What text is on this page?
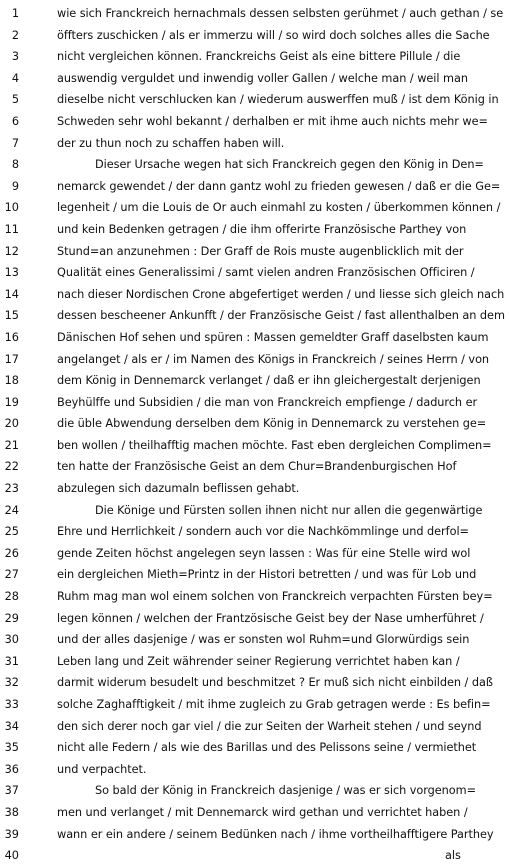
1	wie sich Franckreich hernachmals dessen selbsten gerühmet / auch gethan / se
2	öffters zuschicken / als er immerzu will / so wird doch solches alles die Sache
3	nicht vergleichen können. Franckreichs Geist als eine bittere Pillule / die
4	auswendig verguldet und inwendig voller Gallen / welche man / weil man
5	dieselbe nicht verschlucken kan / wiederum auswerffen muß / ist dem König in
6	Schweden sehr wohl bekannt / derhalben er mit ihme auch nichts mehr we=
7	der zu thun noch zu schaffen haben will.
8	Dieser Ursache wegen hat sich Franckreich gegen den König in Den=
9	nemarck gewendet / der dann gantz wohl zu frieden gewesen / daß er die Ge=
10	legenheit / um die Louis de Or auch einmahl zu kosten / überkommen können /
11	und kein Bedenken getragen / die ihm offerirte Französische Parthey von
12	Stund=an anzunehmen : Der Graff de Rois muste augenblicklich mit der
13	Qualität eines Generalissimi / samt vielen andren Französischen Officiren /
14	nach dieser Nordischen Crone abgefertiget werden / und liesse sich gleich nach
15	dessen bescheener Ankunfft / der Französische Geist / fast allenthalben an dem
16	Dänischen Hof sehen und spüren : Massen gemeldter Graff daselbsten kaum
17	angelanget / als er / im Namen des Königs in Franckreich / seines Herrn / von
18	dem König in Dennemarck verlanget / daß er ihn gleichergestalt derjenigen
19	Beyhülffe und Subsidien / die man von Franckreich empfienge / dadurch er
20	die üble Abwendung derselben dem König in Dennemarck zu verstehen ge=
21	ben wollen / theilhafftig machen möchte. Fast eben dergleichen Complimen=
22	ten hatte der Französische Geist an dem Chur=Brandenburgischen Hof
23	abzulegen sich dazumaln beflissen gehabt.
24	Die Könige und Fürsten sollen ihnen nicht nur allen die gegenwärtige
25	Ehre und Herrlichkeit / sondern auch vor die Nachkömmlinge und derfol=
26	gende Zeiten höchst angelegen seyn lassen : Was für eine Stelle wird wol
27	ein dergleichen Mieth=Printz in der Histori betretten / und was für Lob und
28	Ruhm mag man wol einem solchen von Franckreich verpachten Fürsten bey=
29	legen können / welchen der Frantzösische Geist bey der Nase umherführet /
30	und der alles dasjenige / was er sonsten wol Ruhm=und Glorwürdigs sein
31	Leben lang und Zeit währender seiner Regierung verrichtet haben kan /
32	darmit widerum besudelt und beschmitzet ? Er muß sich nicht einbilden / daß
33	solche Zaghafftigkeit / mit ihme zugleich zu Grab getragen werde : Es befin=
34	den sich derer noch gar viel / die zur Seiten der Warheit stehen / und seynd
35	nicht alle Federn / als wie des Barillas und des Pelissons seine / vermiethet
36	und verpachtet.
37	So bald der König in Franckreich dasjenige / was er sich vorgenom=
38	men und verlanget / mit Dennemarck wird gethan und verrichtet haben /
39	wann er ein andere / seinem Bedünken nach / ihme vortheilhafftigere Parthey
40	als
